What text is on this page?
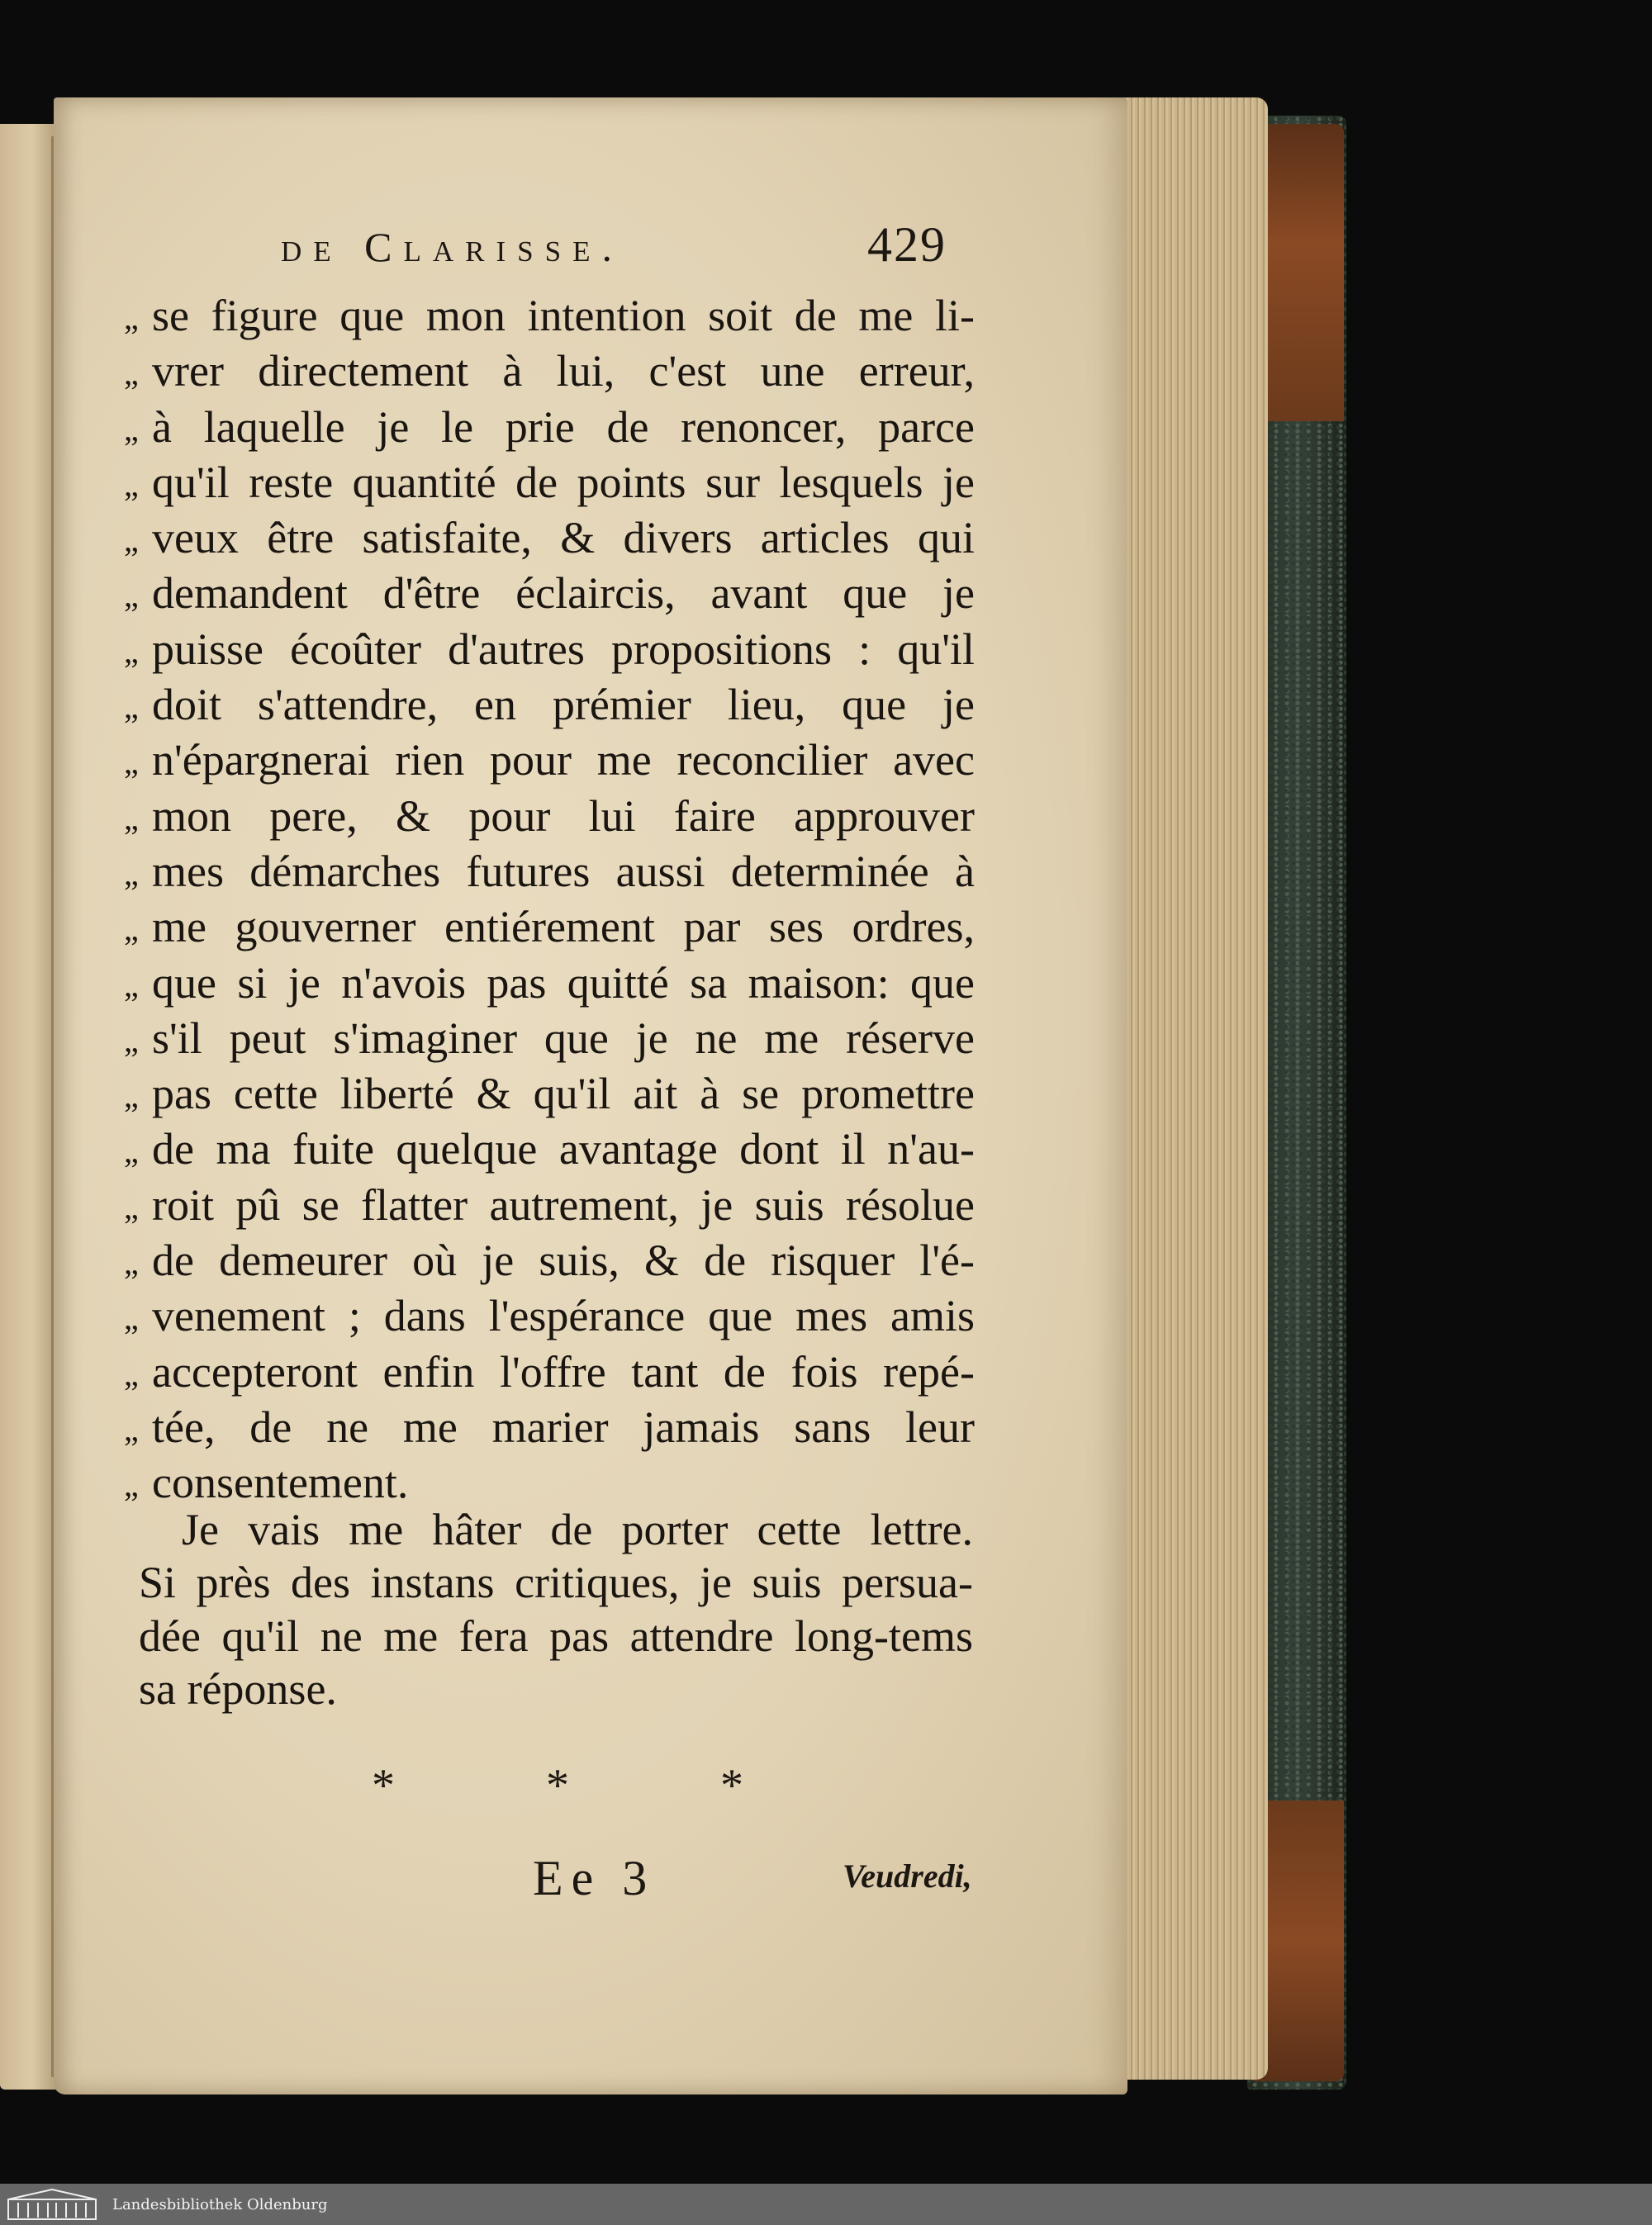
de Clarisse.	429
„ se figure que mon intention soit de me li-
„ vrer directement à lui, c'est une erreur,
„ à laquelle je le prie de renoncer, parce
„ qu'il reste quantité de points sur lesquels je
„ veux être satisfaite, & divers articles qui
„ demandent d'être éclaircis, avant que je
„ puisse écoûter d'autres propositions : qu'il
„ doit s'attendre, en prémier lieu, que je
„ n'épargnerai rien pour me reconcilier avec
„ mon pere, & pour lui faire approuver
„ mes démarches futures aussi determinée à
„ me gouverner entiérement par ses ordres,
„ que si je n'avois pas quitté sa maison: que
„ s'il peut s'imaginer que je ne me réserve
„ pas cette liberté & qu'il ait à se promettre
„ de ma fuite quelque avantage dont il n'au-
„ roit pû se flatter autrement, je suis résolue
„ de demeurer où je suis, & de risquer l'é-
„ venement ; dans l'espérance que mes amis
„ accepteront enfin l'offre tant de fois repé-
„ tée, de ne me marier jamais sans leur
„ consentement.
Je vais me hâter de porter cette lettre.
Si près des instans critiques, je suis persua-
dée qu'il ne me fera pas attendre long-tems
sa réponse.
*	*	*
Ee 3	Veudredi,
Landesbibliothek Oldenburg
